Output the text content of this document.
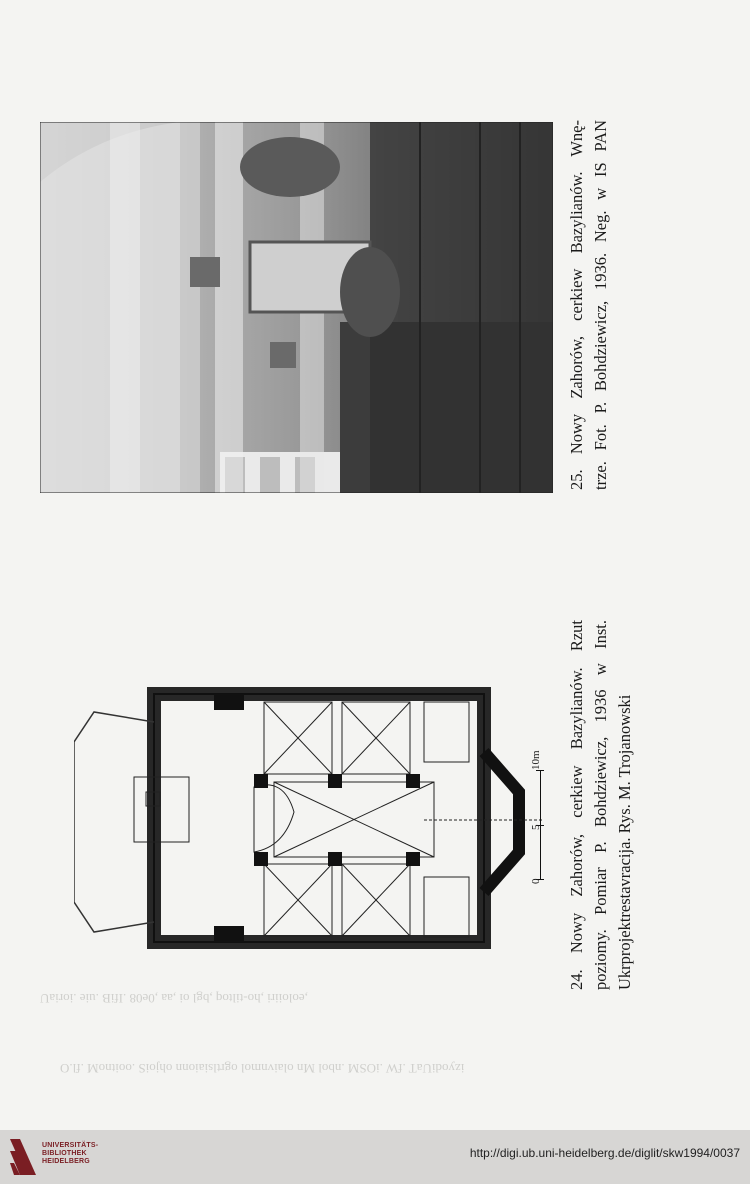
,eoloiiri ,ho-tiltoq ,bgl oi ,aa ,0e08 .IfiB .uie .ioriaU
izyodiUaT .fW .iOSM .nbol Mn olaivnmol ogrtlsiaionn ohjoiS .ooitnoM .fl.O
25. Nowy Zahorów, cerkiew Bazylianów. Wnę- trze. Fot. P. Bohdziewicz, 1936. Neg. w IS PAN
10m
5
0 24. Nowy Zahorów, cerkiew Bazylianów. Rzut poziomy. Pomiar P. Bohdziewicz, 1936 w Inst. Ukrprojektrestavracija. Rys. M. Trojanowski
UNIVERSITÄTS-
BIBLIOTHEK
HEIDELBERG
http://digi.ub.uni-heidelberg.de/diglit/skw1994/0037
